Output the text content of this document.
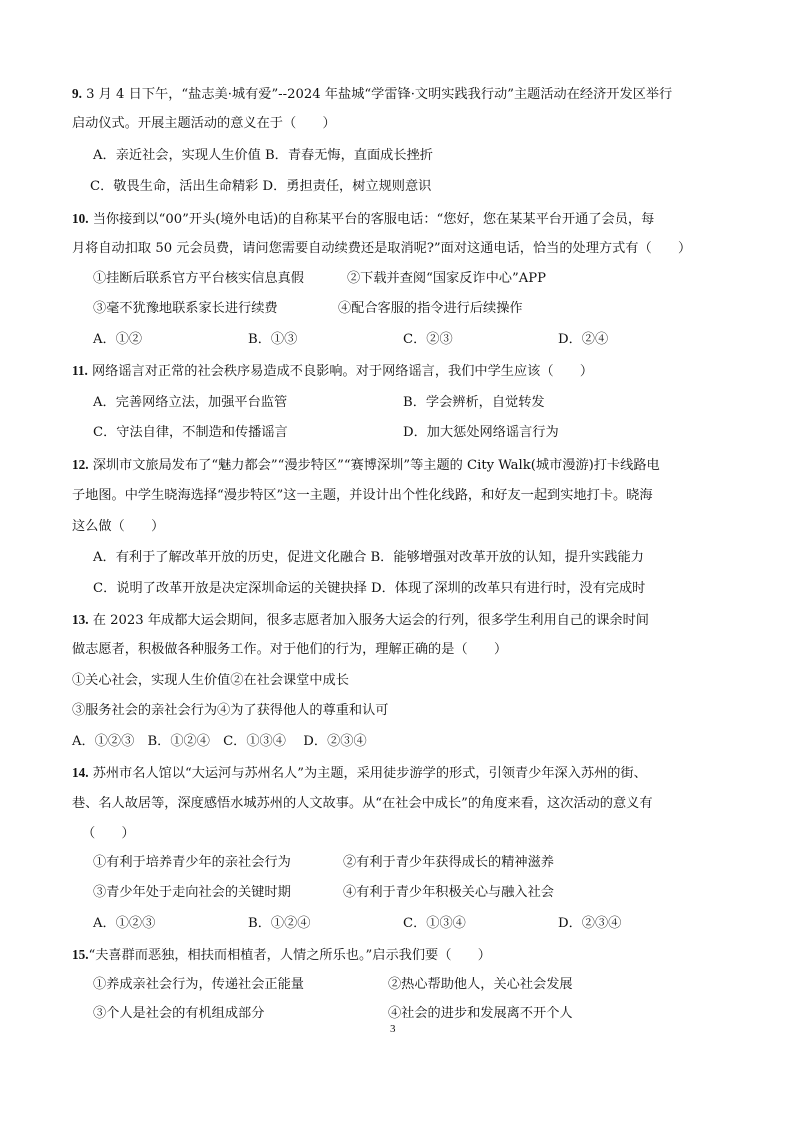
9. 3 月 4 日下午，“盐志美·城有爱”--2024 年盐城“学雷锋·文明实践我行动”主题活动在经济开发区举行
启动仪式。开展主题活动的意义在于（　　）
A．亲近社会，实现人生价值 B．青春无悔，直面成长挫折
C．敬畏生命，活出生命精彩 D．勇担责任，树立规则意识
10. 当你接到以“00”开头(境外电话)的自称某平台的客服电话：“您好，您在某某平台开通了会员，每
月将自动扣取 50 元会员费，请问您需要自动续费还是取消呢?”面对这通电话，恰当的处理方式有（　　）
①挂断后联系官方平台核实信息真假	②下载并查阅“国家反诈中心”APP
③毫不犹豫地联系家长进行续费	④配合客服的指令进行后续操作
A．①②	B．①③	C．②③	D．②④
11. 网络谣言对正常的社会秩序易造成不良影响。对于网络谣言，我们中学生应该（　　）
A．完善网络立法，加强平台监管	B．学会辨析，自觉转发
C．守法自律，不制造和传播谣言	D．加大惩处网络谣言行为
12. 深圳市文旅局发布了“魅力都会”“漫步特区”“赛博深圳”等主题的 City Walk(城市漫游)打卡线路电
子地图。中学生晓海选择“漫步特区”这一主题，并设计出个性化线路，和好友一起到实地打卡。晓海
这么做（　　）
A．有利于了解改革开放的历史，促进文化融合 B．能够增强对改革开放的认知，提升实践能力
C．说明了改革开放是决定深圳命运的关键抉择 D．体现了深圳的改革只有进行时，没有完成时
13. 在 2023 年成都大运会期间，很多志愿者加入服务大运会的行列，很多学生利用自己的课余时间
做志愿者，积极做各种服务工作。对于他们的行为，理解正确的是（　　）
①关心社会，实现人生价值②在社会课堂中成长
③服务社会的亲社会行为④为了获得他人的尊重和认可
A．①②③　B．①②④　C．①③④　 D．②③④
14. 苏州市名人馆以“大运河与苏州名人”为主题，采用徒步游学的形式，引领青少年深入苏州的街、
巷、名人故居等，深度感悟水城苏州的人文故事。从“在社会中成长”的角度来看，这次活动的意义有
（　　）
①有利于培养青少年的亲社会行为	②有利于青少年获得成长的精神滋养
③青少年处于走向社会的关键时期	④有利于青少年积极关心与融入社会
A．①②③	B．①②④	C．①③④	D．②③④
15.“夫喜群而恶独，相扶而相植者，人情之所乐也。”启示我们要（　　）
①养成亲社会行为，传递社会正能量	②热心帮助他人，关心社会发展
③个人是社会的有机组成部分	④社会的进步和发展离不开个人
3
